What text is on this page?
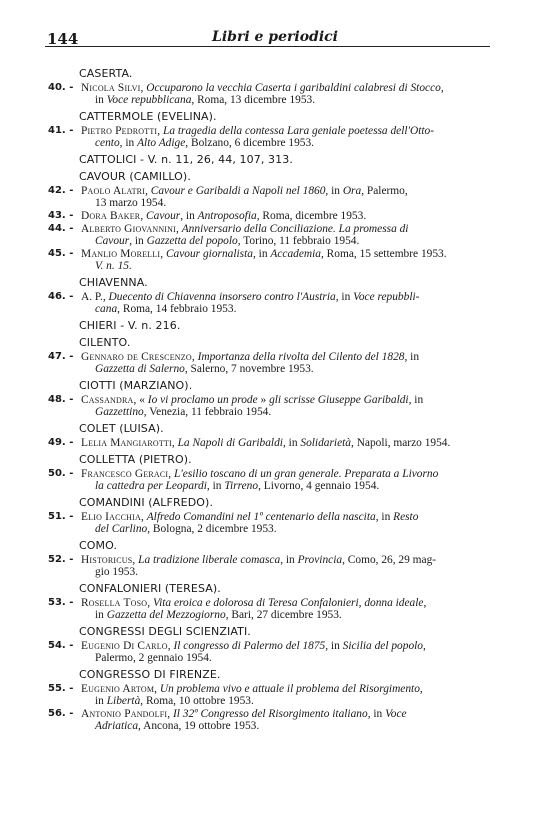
144	Libri e periodici
CASERTA.
40. - Nicola Silvi, Occuparono la vecchia Caserta i garibaldini calabresi di Stocco,
in Voce repubblicana, Roma, 13 dicembre 1953.
CATTERMOLE (EVELINA).
41. - Pietro Pedrotti, La tragedia della contessa Lara geniale poetessa dell'Otto-
cento, in Alto Adige, Bolzano, 6 dicembre 1953.
CATTOLICI - V. n. 11, 26, 44, 107, 313.
CAVOUR (CAMILLO).
42. - Paolo Alatri, Cavour e Garibaldi a Napoli nel 1860, in Ora, Palermo,
13 marzo 1954.
43. - Dora Baker, Cavour, in Antroposofia, Roma, dicembre 1953.
44. - Alberto Giovannini, Anniversario della Conciliazione. La promessa di
Cavour, in Gazzetta del popolo, Torino, 11 febbraio 1954.
45. - Manlio Morelli, Cavour giornalista, in Accademia, Roma, 15 settembre 1953.
V. n. 15.
CHIAVENNA.
46. - A. P., Duecento di Chiavenna insorsero contro l'Austria, in Voce repubbli-
cana, Roma, 14 febbraio 1953.
CHIERI - V. n. 216.
CILENTO.
47. - Gennaro de Crescenzo, Importanza della rivolta del Cilento del 1828, in
Gazzetta di Salerno, Salerno, 7 novembre 1953.
CIOTTI (MARZIANO).
48. - Cassandra, « Io vi proclamo un prode » gli scrisse Giuseppe Garibaldi, in
Gazzettino, Venezia, 11 febbraio 1954.
COLET (LUISA).
49. - Lelia Mangiarotti, La Napoli di Garibaldi, in Solidarietà, Napoli, marzo 1954.
COLLETTA (PIETRO).
50. - Francesco Geraci, L'esilio toscano di un gran generale. Preparata a Livorno
la cattedra per Leopardi, in Tirreno, Livorno, 4 gennaio 1954.
COMANDINI (ALFREDO).
51. - Elio Iacchia, Alfredo Comandini nel 1º centenario della nascita, in Resto
del Carlino, Bologna, 2 dicembre 1953.
COMO.
52. - Historicus, La tradizione liberale comasca, in Provincia, Como, 26, 29 mag-
gio 1953.
CONFALONIERI (TERESA).
53. - Rosella Toso, Vita eroica e dolorosa di Teresa Confalonieri, donna ideale,
in Gazzetta del Mezzogiorno, Bari, 27 dicembre 1953.
CONGRESSI DEGLI SCIENZIATI.
54. - Eugenio Di Carlo, Il congresso di Palermo del 1875, in Sicilia del popolo,
Palermo, 2 gennaio 1954.
CONGRESSO DI FIRENZE.
55. - Eugenio Artom, Un problema vivo e attuale il problema del Risorgimento,
in Libertà, Roma, 10 ottobre 1953.
56. - Antonio Pandolfi, Il 32º Congresso del Risorgimento italiano, in Voce
Adriatica, Ancona, 19 ottobre 1953.
